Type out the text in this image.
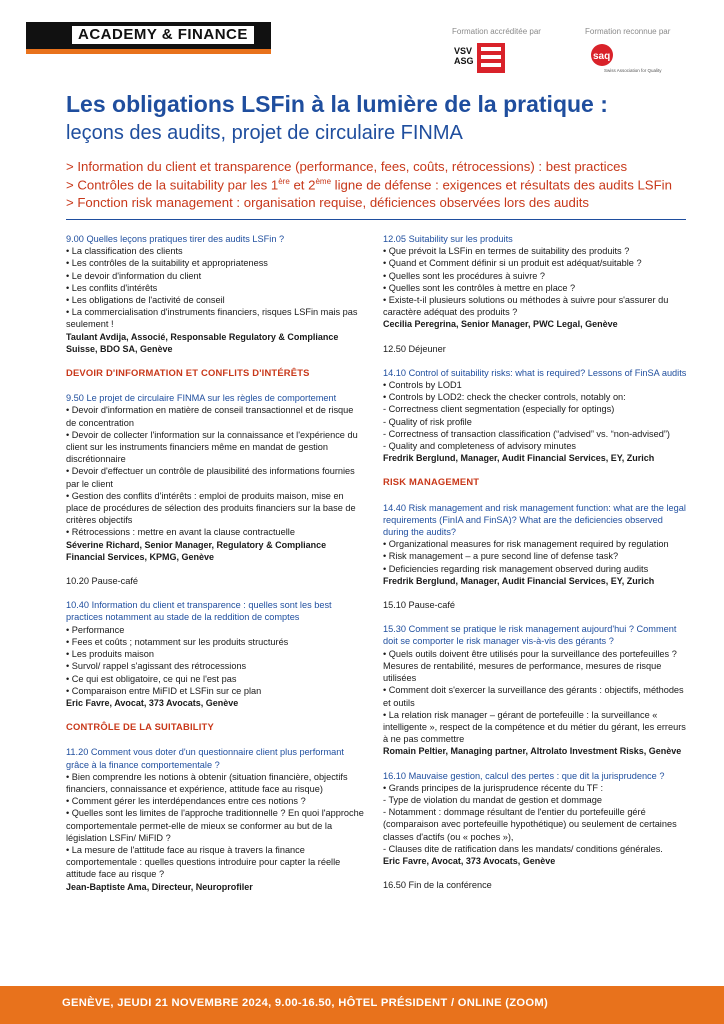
ACADEMY & FINANCE	Formation accréditée par	Formation reconnue par
VSV ASG	saq
Swiss Association for Quality
Les obligations LSFin à la lumière de la pratique :
leçons des audits, projet de circulaire FINMA
> Information du client et transparence (performance, fees, coûts, rétrocessions) : best practices
> Contrôles de la suitability par les 1ère et 2ème ligne de défense : exigences et résultats des audits LSFin
> Fonction risk management : organisation requise, déficiences observées lors des audits
9.00 Quelles leçons pratiques tirer des audits LSFin ?
• La classification des clients
• Les contrôles de la suitability et appropriateness
• Le devoir d'information du client
• Les conflits d'intérêts
• Les obligations de l'activité de conseil
• La commercialisation d'instruments financiers, risques LSFin mais pas seulement !
Taulant Avdija, Associé, Responsable Regulatory & Compliance Suisse, BDO SA, Genève
DEVOIR D'INFORMATION ET CONFLITS D'INTÉRÊTS
9.50 Le projet de circulaire FINMA sur les règles de comportement
• Devoir d'information en matière de conseil transactionnel et de risque de concentration
• Devoir de collecter l'information sur la connaissance et l'expérience du client sur les instruments financiers même en mandat de gestion discrétionnaire
• Devoir d'effectuer un contrôle de plausibilité des informations fournies par le client
• Gestion des conflits d'intérêts : emploi de produits maison, mise en place de procédures de sélection des produits financiers sur la base de critères objectifs
• Rétrocessions : mettre en avant la clause contractuelle
Séverine Richard, Senior Manager, Regulatory & Compliance Financial Services, KPMG, Genève
10.20 Pause-café
10.40 Information du client et transparence : quelles sont les best practices notamment au stade de la reddition de comptes
• Performance
• Fees et coûts ; notamment sur les produits structurés
• Les produits maison
• Survol/ rappel s'agissant des rétrocessions
• Ce qui est obligatoire, ce qui ne l'est pas
• Comparaison entre MiFID et LSFin sur ce plan
Eric Favre, Avocat, 373 Avocats, Genève
CONTRÔLE DE LA SUITABILITY
11.20 Comment vous doter d'un questionnaire client plus performant grâce à la finance comportementale ?
• Bien comprendre les notions à obtenir (situation financière, objectifs financiers, connaissance et expérience, attitude face au risque)
• Comment gérer les interdépendances entre ces notions ?
• Quelles sont les limites de l'approche traditionnelle ? En quoi l'approche comportementale permet-elle de mieux se conformer au but de la législation LSFin/ MiFID ?
• La mesure de l'attitude face au risque à travers la finance comportementale : quelles questions introduire pour capter la réelle attitude face au risque ?
Jean-Baptiste Ama, Directeur, Neuroprofiler
12.05 Suitability sur les produits
• Que prévoit la LSFin en termes de suitability des produits ?
• Quand et Comment définir si un produit est adéquat/suitable ?
• Quelles sont les procédures à suivre ?
• Quelles sont les contrôles à mettre en place ?
• Existe-t-il plusieurs solutions ou méthodes à suivre pour s'assurer du caractère adéquat des produits ?
Cecilia Peregrina, Senior Manager, PWC Legal, Genève
12.50 Déjeuner
14.10 Control of suitability risks: what is required? Lessons of FinSA audits
• Controls by LOD1
• Controls by LOD2: check the checker controls, notably on:
- Correctness client segmentation (especially for optings)
- Quality of risk profile
- Correctness of transaction classification (“advised” vs. “non-advised”)
- Quality and completeness of advisory minutes
Fredrik Berglund, Manager, Audit Financial Services, EY, Zurich
RISK MANAGEMENT
14.40 Risk management and risk management function: what are the legal requirements (FinIA and FinSA)? What are the deficiencies observed during the audits?
• Organizational measures for risk management required by regulation
• Risk management – a pure second line of defense task?
• Deficiencies regarding risk management observed during audits
Fredrik Berglund, Manager, Audit Financial Services, EY, Zurich
15.10 Pause-café
15.30 Comment se pratique le risk management aujourd'hui ? Comment doit se comporter le risk manager vis-à-vis des gérants ?
• Quels outils doivent être utilisés pour la surveillance des portefeuilles ? Mesures de rentabilité, mesures de performance, mesures de risque utilisées
• Comment doit s'exercer la surveillance des gérants : objectifs, méthodes et outils
• La relation risk manager – gérant de portefeuille : la surveillance « intelligente », respect de la compétence et du métier du gérant, les erreurs à ne pas commettre
Romain Peltier, Managing partner, Altrolato Investment Risks, Genève
16.10 Mauvaise gestion, calcul des pertes : que dit la jurisprudence ?
• Grands principes de la jurisprudence récente du TF :
- Type de violation du mandat de gestion et dommage
- Notamment : dommage résultant de l'entier du portefeuille géré (comparaison avec portefeuille hypothétique) ou seulement de certaines classes d'actifs (ou « poches »),
- Clauses dite de ratification dans les mandats/ conditions générales.
Eric Favre, Avocat, 373 Avocats, Genève
16.50 Fin de la conférence
GENÈVE, JEUDI 21 NOVEMBRE 2024, 9.00-16.50, HÔTEL PRÉSIDENT / ONLINE (ZOOM)
